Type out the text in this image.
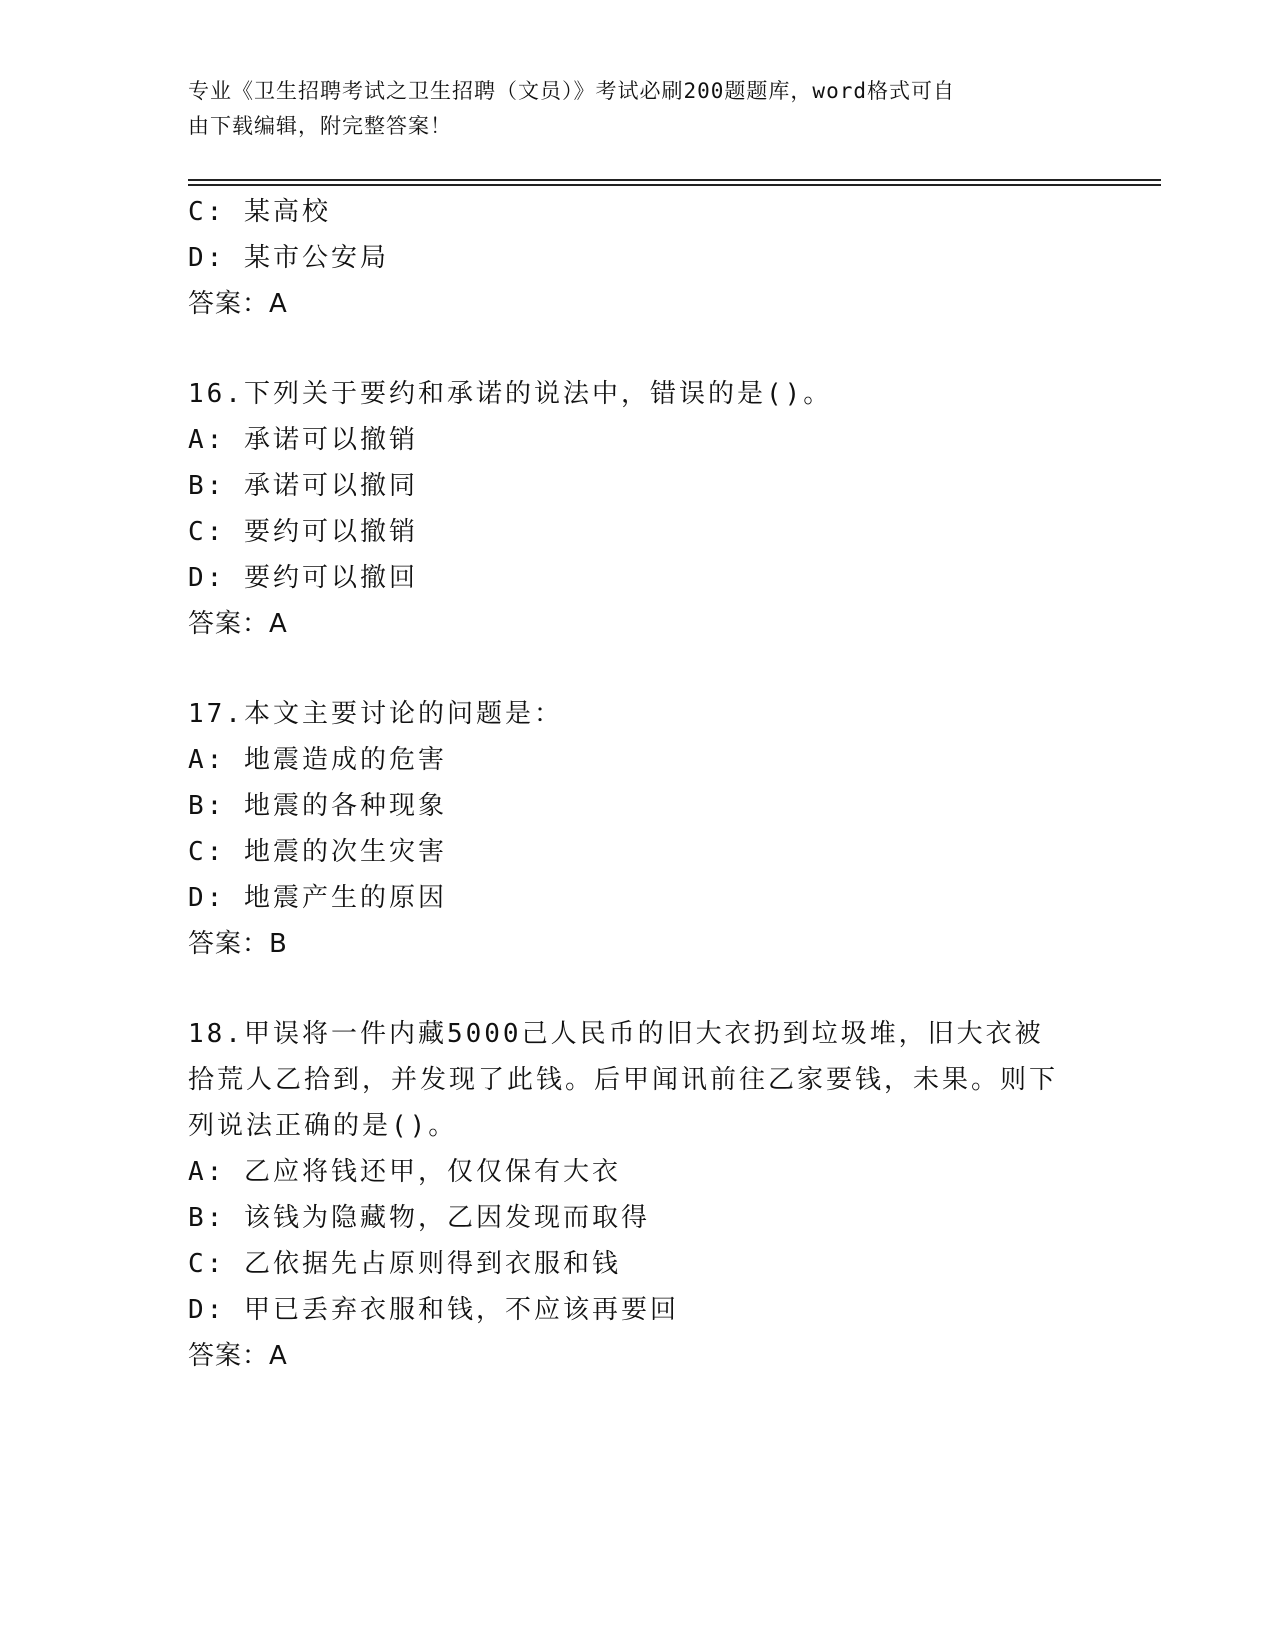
专业《卫生招聘考试之卫生招聘（文员）》考试必刷200题题库，word格式可自
由下载编辑，附完整答案！
C: 某高校
D: 某市公安局
答案：A
16.下列关于要约和承诺的说法中，错误的是()。
A: 承诺可以撤销
B: 承诺可以撤同
C: 要约可以撤销
D: 要约可以撤回
答案：A
17.本文主要讨论的问题是：
A: 地震造成的危害
B: 地震的各种现象
C: 地震的次生灾害
D: 地震产生的原因
答案：B
18.甲误将一件内藏5000己人民币的旧大衣扔到垃圾堆，旧大衣被拾荒人乙拾到，并发现了此钱。后甲闻讯前往乙家要钱，未果。则下列说法正确的是()。
A: 乙应将钱还甲，仅仅保有大衣
B: 该钱为隐藏物，乙因发现而取得
C: 乙依据先占原则得到衣服和钱
D: 甲已丢弃衣服和钱，不应该再要回
答案：A
